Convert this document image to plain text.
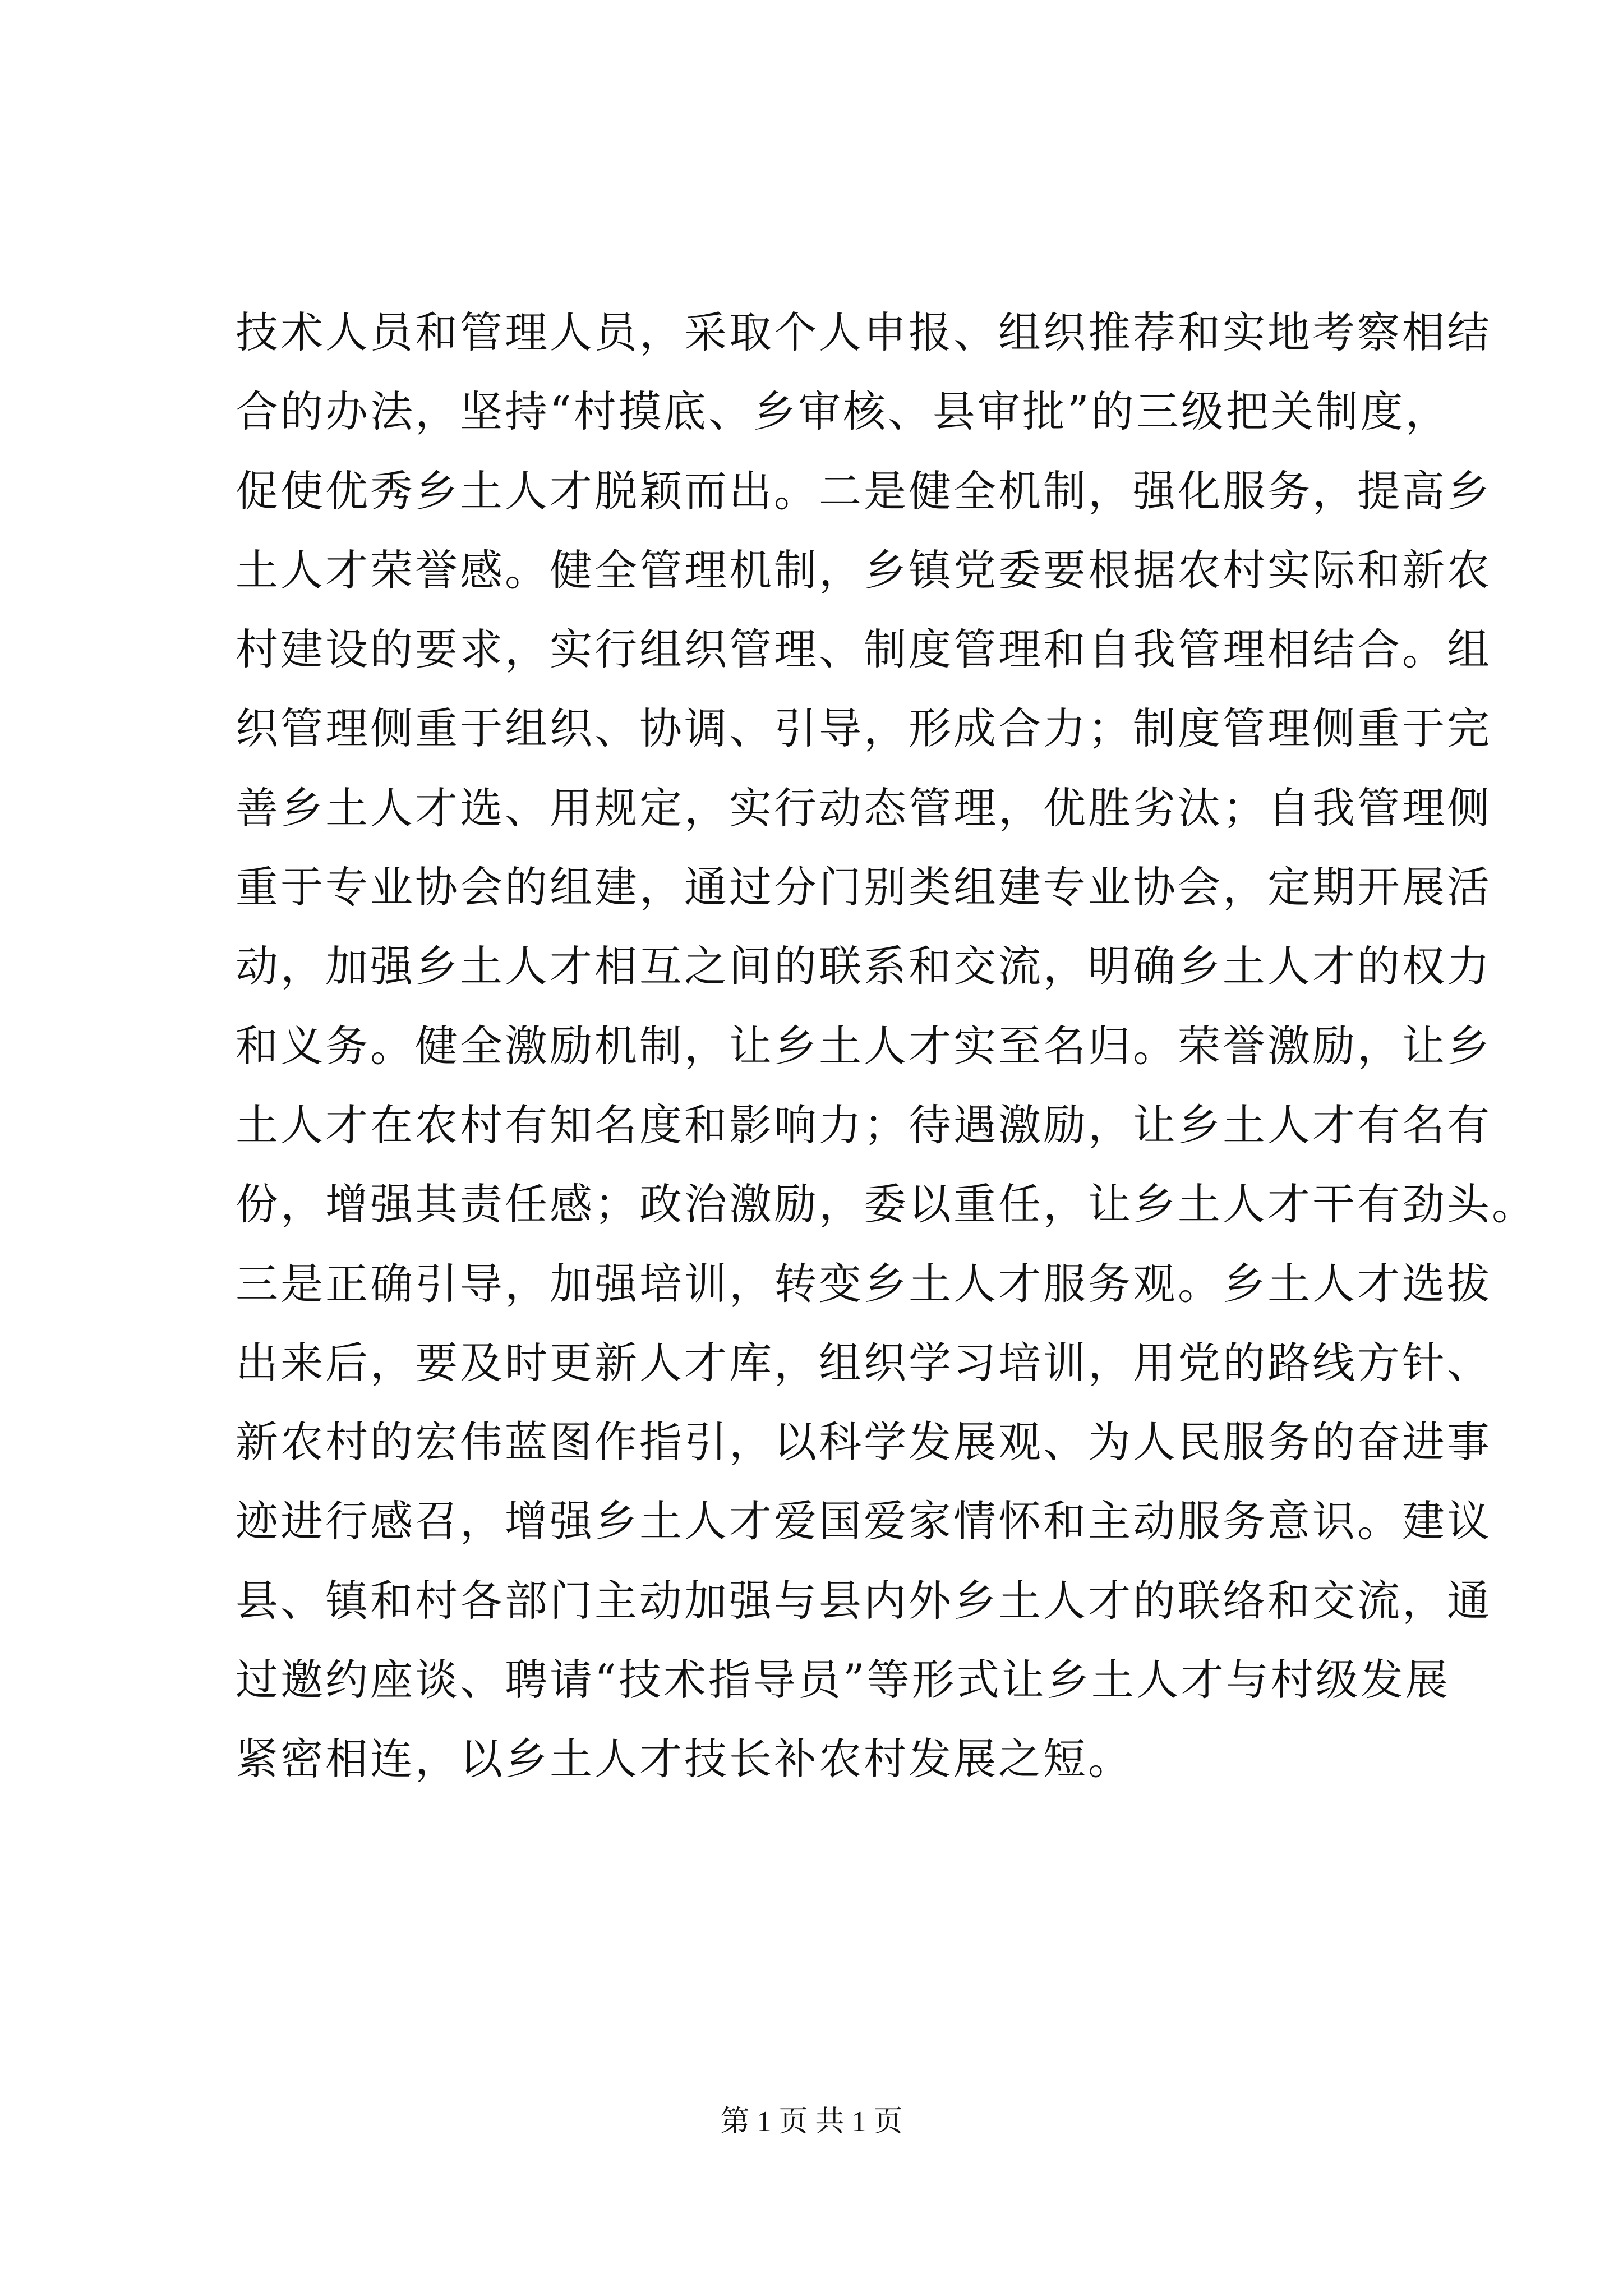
技术人员和管理人员，采取个人申报、组织推荐和实地考察相结
合的办法，坚持“村摸底、乡审核、县审批”的三级把关制度，
促使优秀乡土人才脱颖而出。二是健全机制，强化服务，提高乡
土人才荣誉感。健全管理机制，乡镇党委要根据农村实际和新农
村建设的要求，实行组织管理、制度管理和自我管理相结合。组
织管理侧重于组织、协调、引导，形成合力；制度管理侧重于完
善乡土人才选、用规定，实行动态管理，优胜劣汰；自我管理侧
重于专业协会的组建，通过分门别类组建专业协会，定期开展活
动，加强乡土人才相互之间的联系和交流，明确乡土人才的权力
和义务。健全激励机制，让乡土人才实至名归。荣誉激励，让乡
土人才在农村有知名度和影响力；待遇激励，让乡土人才有名有
份，增强其责任感；政治激励，委以重任，让乡土人才干有劲头。
三是正确引导，加强培训，转变乡土人才服务观。乡土人才选拔
出来后，要及时更新人才库，组织学习培训，用党的路线方针、
新农村的宏伟蓝图作指引，以科学发展观、为人民服务的奋进事
迹进行感召，增强乡土人才爱国爱家情怀和主动服务意识。建议
县、镇和村各部门主动加强与县内外乡土人才的联络和交流，通
过邀约座谈、聘请“技术指导员”等形式让乡土人才与村级发展
紧密相连，以乡土人才技长补农村发展之短。
第 1 页 共 1 页
